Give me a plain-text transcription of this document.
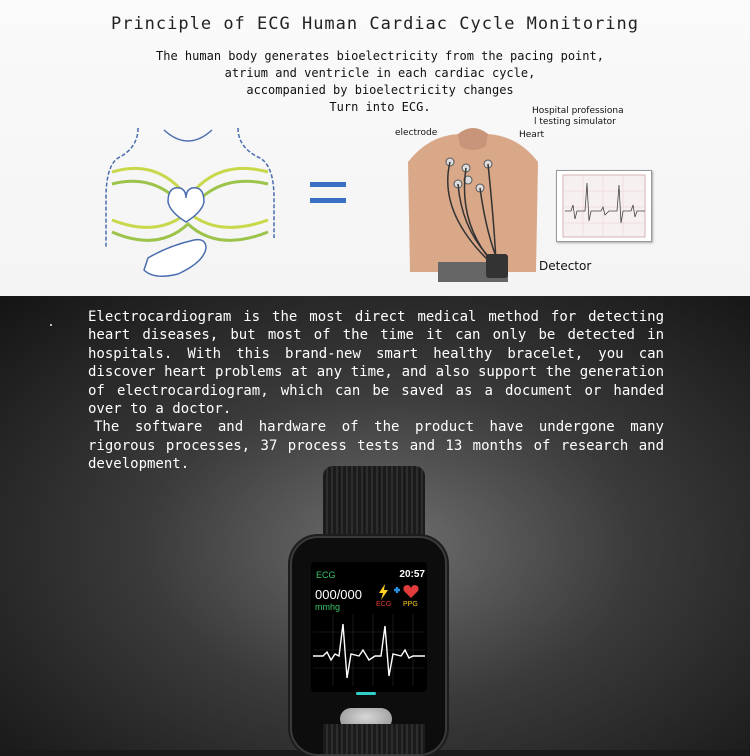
Principle of ECG Human Cardiac Cycle Monitoring
The human body generates bioelectricity from the pacing point,
atrium and ventricle in each cardiac cycle,
accompanied by bioelectricity changes
Turn into ECG.
electrode	Heart
Hospital professiona
l testing simulator
Detector

Electrocardiogram is the most direct medical method for detecting heart diseases, but most of the time it can only be detected in hospitals. With this brand-new smart healthy bracelet, you can discover heart problems at any time, and also support the generation of electrocardiogram, which can be saved as a document or handed over to a doctor.

The software and hardware of the product have undergone many rigorous processes, 37 process tests and 13 months of research and development.

ECG	20:57
000/000
mmhg	ECG PPG
